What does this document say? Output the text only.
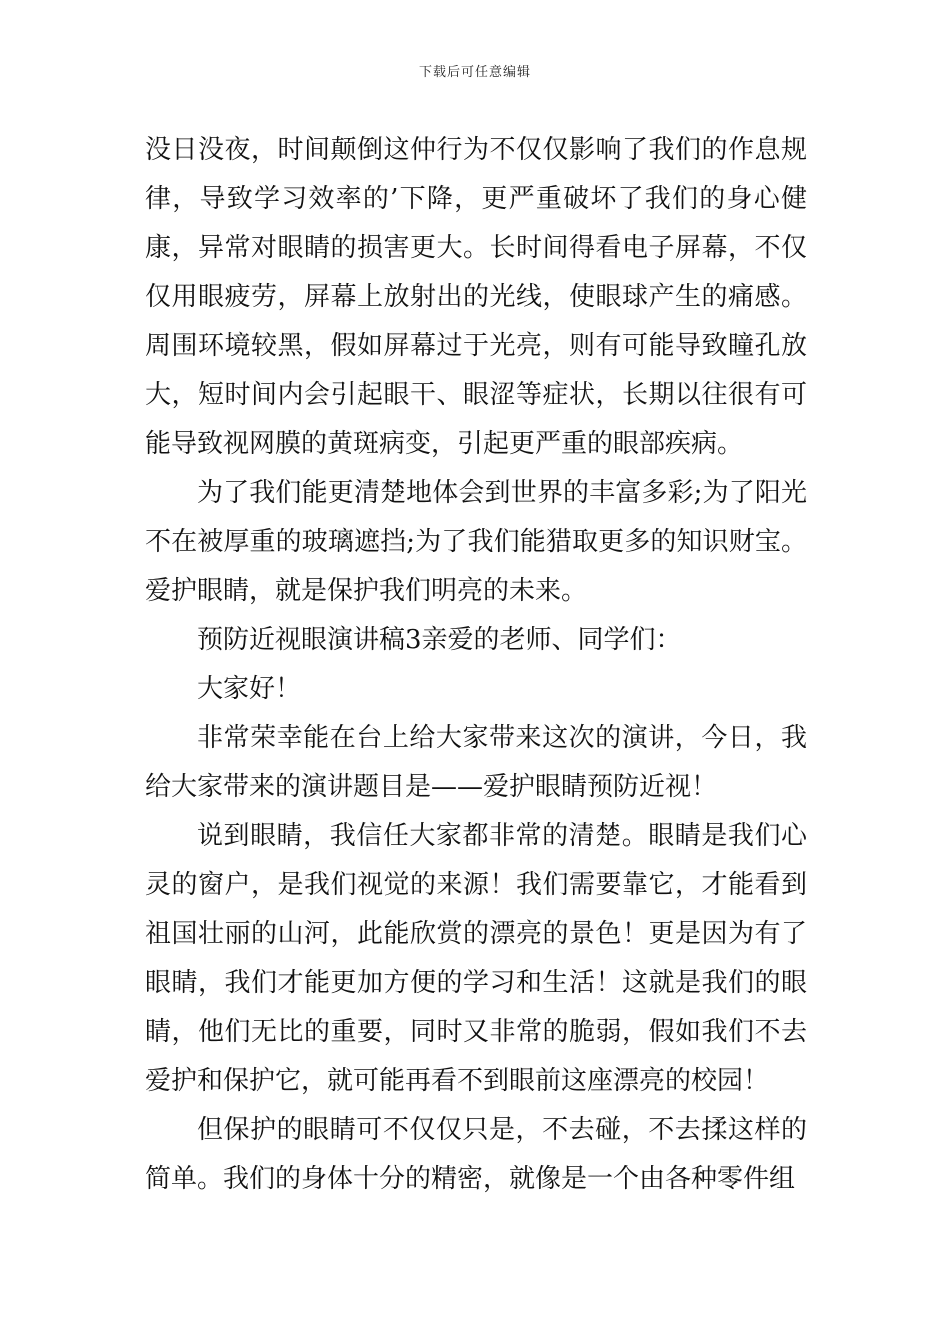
下载后可任意编辑

没日没夜，时间颠倒这仲行为不仅仅影响了我们的作息规律，导致学习效率的’下降，更严重破坏了我们的身心健康，异常对眼睛的损害更大。长时间得看电子屏幕，不仅仅用眼疲劳，屏幕上放射出的光线，使眼球产生的痛感。周围环境较黑，假如屏幕过于光亮，则有可能导致瞳孔放大，短时间内会引起眼干、眼涩等症状，长期以往很有可能导致视网膜的黄斑病变，引起更严重的眼部疾病。

为了我们能更清楚地体会到世界的丰富多彩;为了阳光不在被厚重的玻璃遮挡;为了我们能猎取更多的知识财宝。爱护眼睛，就是保护我们明亮的未来。

预防近视眼演讲稿3亲爱的老师、同学们：

大家好！

非常荣幸能在台上给大家带来这次的演讲，今日，我给大家带来的演讲题目是——爱护眼睛预防近视！

说到眼睛，我信任大家都非常的清楚。眼睛是我们心灵的窗户，是我们视觉的来源！我们需要靠它，才能看到祖国壮丽的山河，此能欣赏的漂亮的景色！更是因为有了眼睛，我们才能更加方便的学习和生活！这就是我们的眼睛，他们无比的重要，同时又非常的脆弱，假如我们不去爱护和保护它，就可能再看不到眼前这座漂亮的校园！

但保护的眼睛可不仅仅只是，不去碰，不去揉这样的简单。我们的身体十分的精密，就像是一个由各种零件组
